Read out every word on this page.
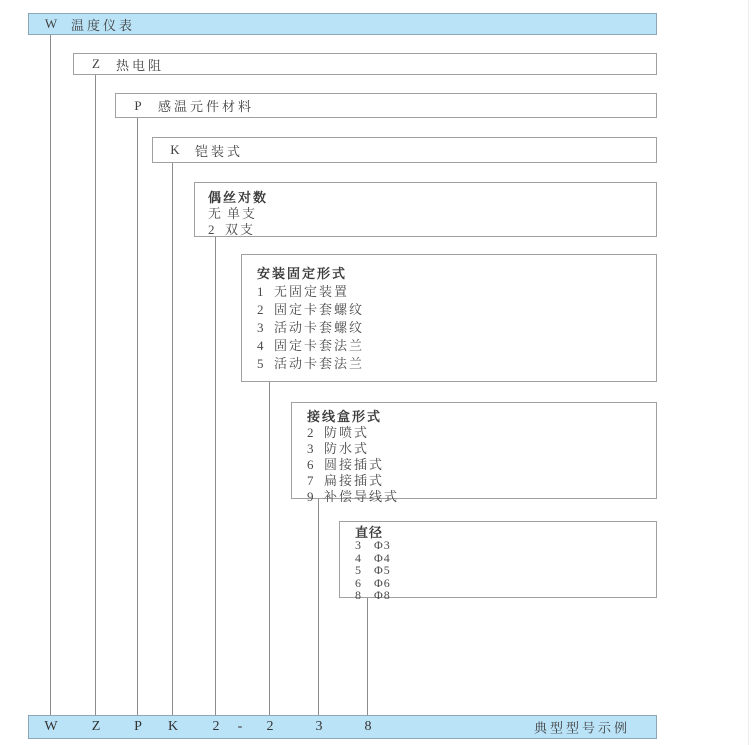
W 温度仪表
Z 热电阻
P 感温元件材料
K 铠装式
偶丝对数
无 单支
2 双支
安装固定形式
1 无固定装置
2 固定卡套螺纹
3 活动卡套螺纹
4 固定卡套法兰
5 活动卡套法兰
接线盒形式
2 防喷式
3 防水式
6 圆接插式
7 扁接插式
9 补偿导线式
直径
3 Φ3
4 Φ4
5 Φ5
6 Φ6
8 Φ8
W Z P K 2 - 2	3	8	典型型号示例
